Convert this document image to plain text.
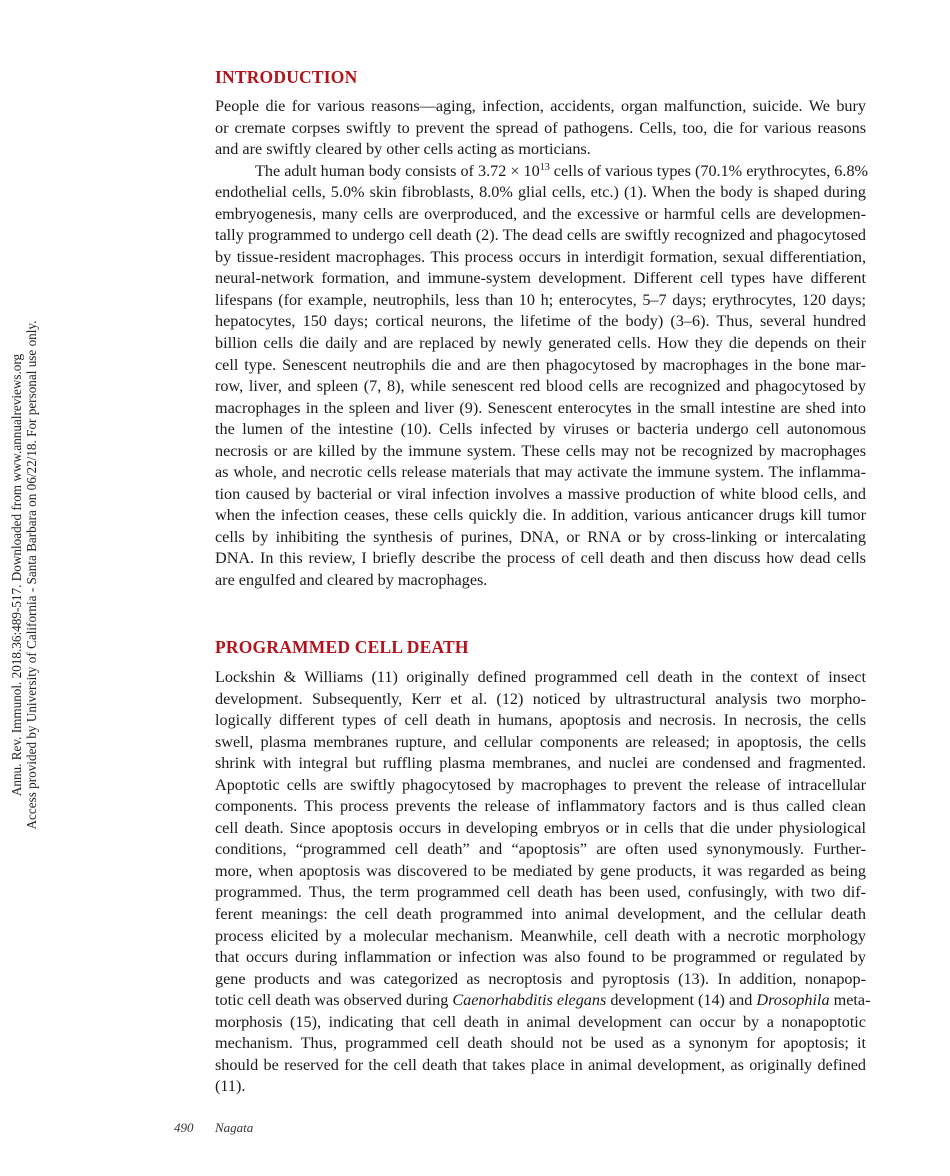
Annu. Rev. Immunol. 2018.36:489-517. Downloaded from www.annualreviews.org Access provided by University of California - Santa Barbara on 06/22/18. For personal use only.
INTRODUCTION
People die for various reasons—aging, infection, accidents, organ malfunction, suicide. We bury
or cremate corpses swiftly to prevent the spread of pathogens. Cells, too, die for various reasons
and are swiftly cleared by other cells acting as morticians.
The adult human body consists of $3.72 \times 10^{13}$ cells of various types (70.1% erythrocytes, 6.8%
endothelial cells, 5.0% skin fibroblasts, 8.0% glial cells, etc.) (1). When the body is shaped during
embryogenesis, many cells are overproduced, and the excessive or harmful cells are developmen-
tally programmed to undergo cell death (2). The dead cells are swiftly recognized and phagocytosed
by tissue-resident macrophages. This process occurs in interdigit formation, sexual differentiation,
neural-network formation, and immune-system development. Different cell types have different
lifespans (for example, neutrophils, less than 10 h; enterocytes, 5–7 days; erythrocytes, 120 days;
hepatocytes, 150 days; cortical neurons, the lifetime of the body) (3–6). Thus, several hundred
billion cells die daily and are replaced by newly generated cells. How they die depends on their
cell type. Senescent neutrophils die and are then phagocytosed by macrophages in the bone mar-
row, liver, and spleen (7, 8), while senescent red blood cells are recognized and phagocytosed by
macrophages in the spleen and liver (9). Senescent enterocytes in the small intestine are shed into
the lumen of the intestine (10). Cells infected by viruses or bacteria undergo cell autonomous
necrosis or are killed by the immune system. These cells may not be recognized by macrophages
as whole, and necrotic cells release materials that may activate the immune system. The inflamma-
tion caused by bacterial or viral infection involves a massive production of white blood cells, and
when the infection ceases, these cells quickly die. In addition, various anticancer drugs kill tumor
cells by inhibiting the synthesis of purines, DNA, or RNA or by cross-linking or intercalating
DNA. In this review, I briefly describe the process of cell death and then discuss how dead cells
are engulfed and cleared by macrophages.
PROGRAMMED CELL DEATH
Lockshin & Williams (11) originally defined programmed cell death in the context of insect
development. Subsequently, Kerr et al. (12) noticed by ultrastructural analysis two morpho-
logically different types of cell death in humans, apoptosis and necrosis. In necrosis, the cells
swell, plasma membranes rupture, and cellular components are released; in apoptosis, the cells
shrink with integral but ruffling plasma membranes, and nuclei are condensed and fragmented.
Apoptotic cells are swiftly phagocytosed by macrophages to prevent the release of intracellular
components. This process prevents the release of inflammatory factors and is thus called clean
cell death. Since apoptosis occurs in developing embryos or in cells that die under physiological
conditions, “programmed cell death” and “apoptosis” are often used synonymously. Further-
more, when apoptosis was discovered to be mediated by gene products, it was regarded as being
programmed. Thus, the term programmed cell death has been used, confusingly, with two dif-
ferent meanings: the cell death programmed into animal development, and the cellular death
process elicited by a molecular mechanism. Meanwhile, cell death with a necrotic morphology
that occurs during inflammation or infection was also found to be programmed or regulated by
gene products and was categorized as necroptosis and pyroptosis (13). In addition, nonapop-
totic cell death was observed during Caenorhabditis elegans development (14) and Drosophila meta-
morphosis (15), indicating that cell death in animal development can occur by a nonapoptotic
mechanism. Thus, programmed cell death should not be used as a synonym for apoptosis; it
should be reserved for the cell death that takes place in animal development, as originally defined
(11).
490 Nagata
